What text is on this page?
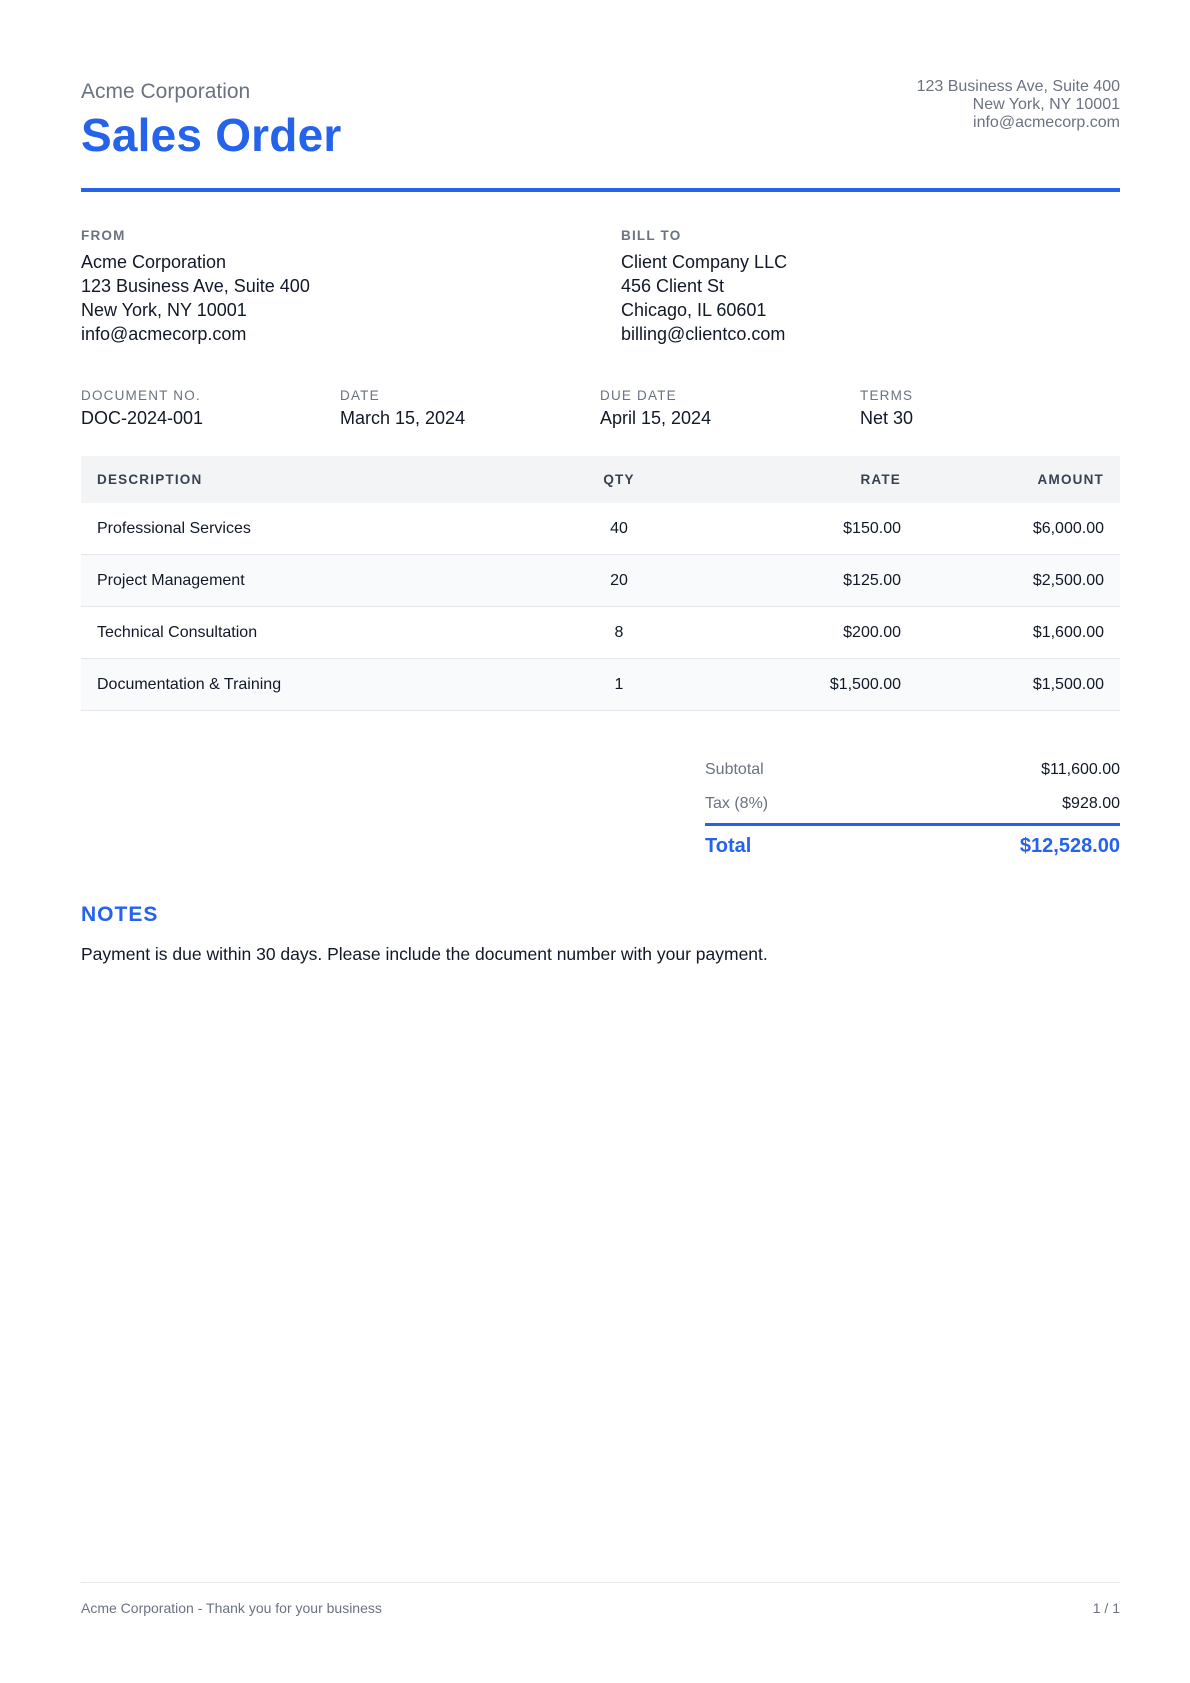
Acme Corporation
Sales Order
123 Business Ave, Suite 400
New York, NY 10001
info@acmecorp.com
FROM
Acme Corporation
123 Business Ave, Suite 400
New York, NY 10001
info@acmecorp.com
BILL TO
Client Company LLC
456 Client St
Chicago, IL 60601
billing@clientco.com
DOCUMENT NO.
DOC-2024-001
DATE
March 15, 2024
DUE DATE
April 15, 2024
TERMS
Net 30
DESCRIPTION	QTY	RATE	AMOUNT
Professional Services	40	$150.00	$6,000.00
Project Management	20	$125.00	$2,500.00
Technical Consultation	8	$200.00	$1,600.00
Documentation & Training	1	$1,500.00	$1,500.00
Subtotal	$11,600.00
Tax (8%)	$928.00
Total	$12,528.00
NOTES
Payment is due within 30 days. Please include the document number with your payment.
Acme Corporation - Thank you for your business	1 / 1
